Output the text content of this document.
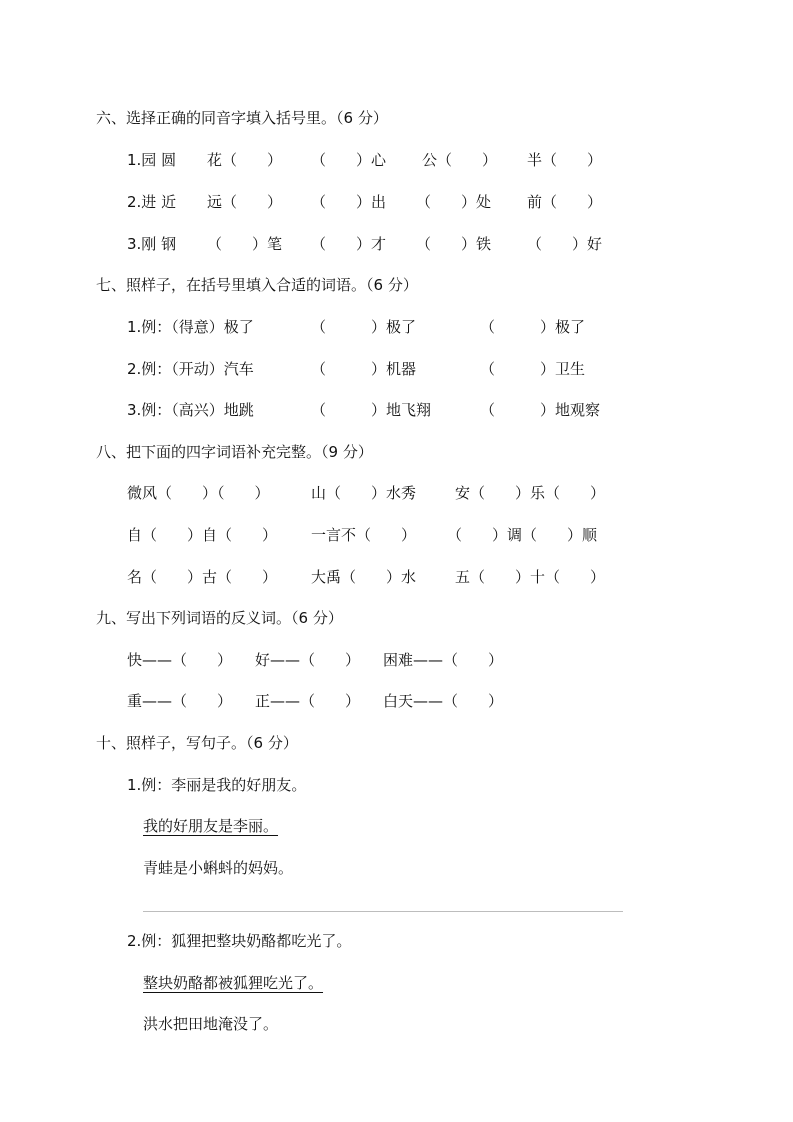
六、选择正确的同音字填入括号里。（6 分）
1.园 圆 花（　　） （　　）心 公（　　） 半（　　）
2.进 近 远（　　） （　　）出 （　　）处 前（　　）
3.刚 钢 （　　）笔 （　　）才 （　　）铁 （　　）好
七、照样子，在括号里填入合适的词语。（6 分）
1.例：（得意）极了	（　　　）极了	（　　　）极了
2.例：（开动）汽车	（　　　）机器	（　　　）卫生
3.例：（高兴）地跳	（　　　）地飞翔	（　　　）地观察
八、把下面的四字词语补充完整。（9 分）
微风（　　）（　　）	山（　　）水秀	安（　　）乐（　　）
自（　　）自（　　） 一言不（　　） （　　）调（　　）顺
名（　　）古（　　） 大禹（　　）水	五（　　）十（　　）
九、写出下列词语的反义词。（6 分）
快——（　　） 好——（　　） 困难——（　　）
重——（　　） 正——（　　） 白天——（　　）
十、照样子，写句子。（6 分）
1.例：李丽是我的好朋友。
我的好朋友是李丽。
青蛙是小蝌蚪的妈妈。
2.例：狐狸把整块奶酪都吃光了。
整块奶酪都被狐狸吃光了。
洪水把田地淹没了。
